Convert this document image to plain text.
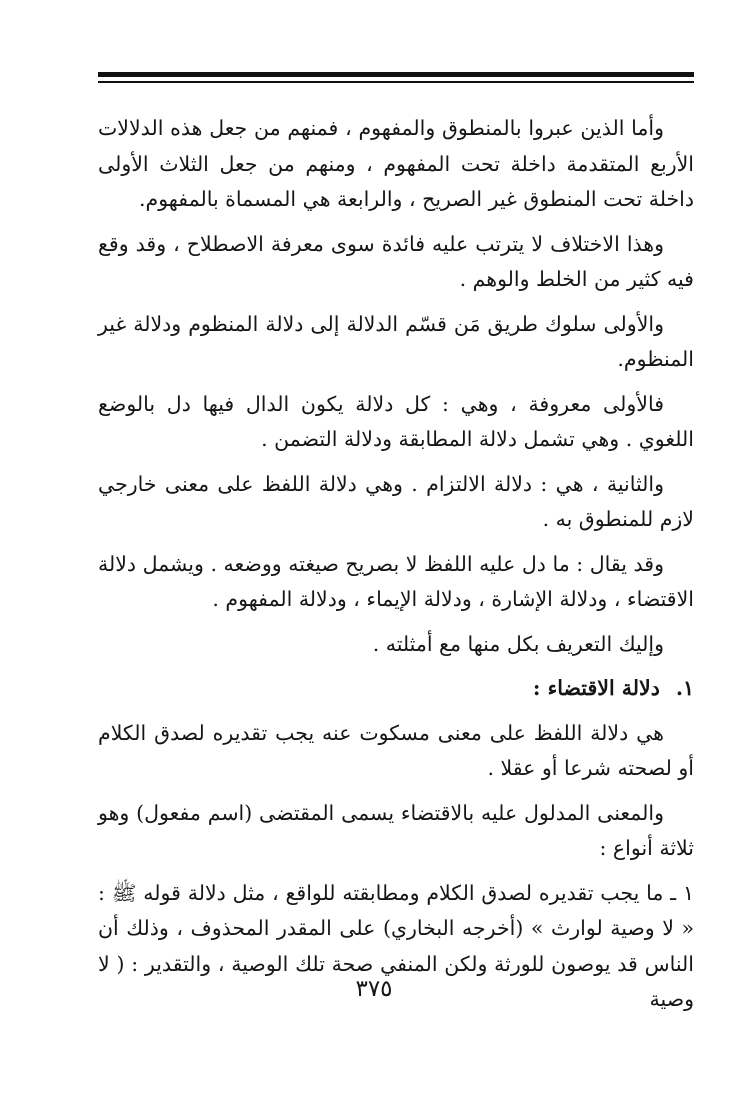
وأما الذين عبروا بالمنطوق والمفهوم ، فمنهم من جعل هذه الدلالات الأربع المتقدمة داخلة تحت المفهوم ، ومنهم من جعل الثلاث الأولى داخلة تحت المنطوق غير الصريح ، والرابعة هي المسماة بالمفهوم.

وهذا الاختلاف لا يترتب عليه فائدة سوى معرفة الاصطلاح ، وقد وقع فيه كثير من الخلط والوهم .

والأولى سلوك طريق مَن قسّم الدلالة إلى دلالة المنظوم ودلالة غير المنظوم.

فالأولى معروفة ، وهي : كل دلالة يكون الدال فيها دل بالوضع اللغوي . وهي تشمل دلالة المطابقة ودلالة التضمن .

والثانية ، هي : دلالة الالتزام . وهي دلالة اللفظ على معنى خارجي لازم للمنطوق به .

وقد يقال : ما دل عليه اللفظ لا بصريح صيغته ووضعه . ويشمل دلالة الاقتضاء ، ودلالة الإشارة ، ودلالة الإيماء ، ودلالة المفهوم .

وإليك التعريف بكل منها مع أمثلته .

١.دلالة الاقتضاء :

هي دلالة اللفظ على معنى مسكوت عنه يجب تقديره لصدق الكلام أو لصحته شرعا أو عقلا .

والمعنى المدلول عليه بالاقتضاء يسمى المقتضى (اسم مفعول) وهو ثلاثة أنواع :

١ ـ ما يجب تقديره لصدق الكلام ومطابقته للواقع ، مثل دلالة قوله ﷺ : « لا وصية لوارث » (أخرجه البخاري) على المقدر المحذوف ، وذلك أن الناس قد يوصون للورثة ولكن المنفي صحة تلك الوصية ، والتقدير : ( لا وصية

٣٧٥
